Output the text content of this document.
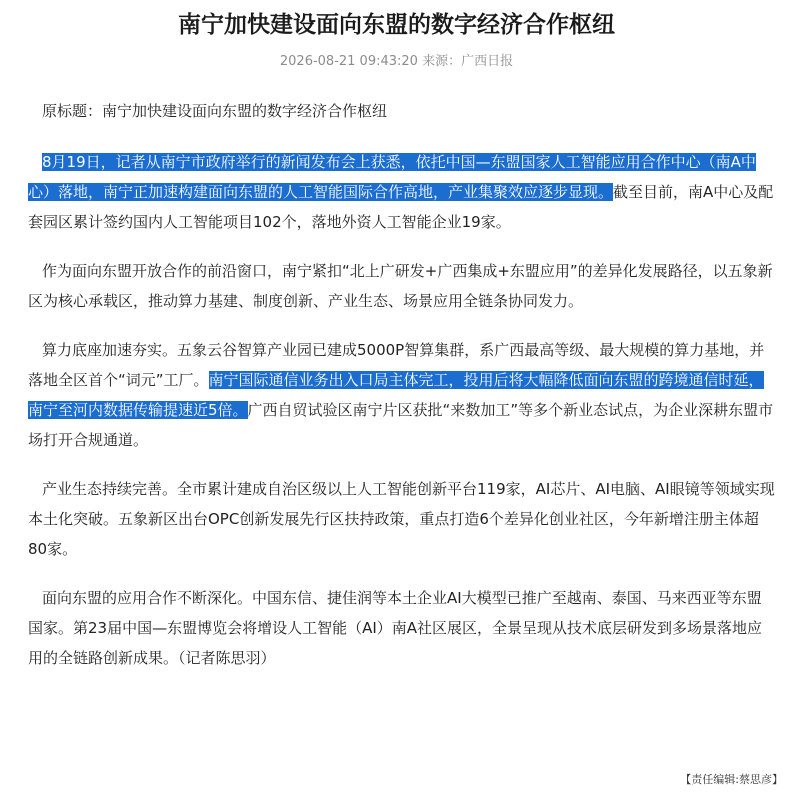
南宁加快建设面向东盟的数字经济合作枢纽
2026-08-21 09:43:20 来源：广西日报

原标题：南宁加快建设面向东盟的数字经济合作枢纽

8月19日，记者从南宁市政府举行的新闻发布会上获悉，依托中国—东盟国家人工智能应用合作中心（南A中心）落地，南宁正加速构建面向东盟的人工智能国际合作高地，产业集聚效应逐步显现。截至目前，南A中心及配套园区累计签约国内人工智能项目102个，落地外资人工智能企业19家。

作为面向东盟开放合作的前沿窗口，南宁紧扣“北上广研发+广西集成+东盟应用”的差异化发展路径，以五象新区为核心承载区，推动算力基建、制度创新、产业生态、场景应用全链条协同发力。

算力底座加速夯实。五象云谷智算产业园已建成5000P智算集群，系广西最高等级、最大规模的算力基地，并落地全区首个“词元”工厂。南宁国际通信业务出入口局主体完工，投用后将大幅降低面向东盟的跨境通信时延，南宁至河内数据传输提速近5倍。广西自贸试验区南宁片区获批“来数加工”等多个新业态试点，为企业深耕东盟市场打开合规通道。

产业生态持续完善。全市累计建成自治区级以上人工智能创新平台119家，AI芯片、AI电脑、AI眼镜等领域实现本土化突破。五象新区出台OPC创新发展先行区扶持政策，重点打造6个差异化创业社区，今年新增注册主体超80家。

面向东盟的应用合作不断深化。中国东信、捷佳润等本土企业AI大模型已推广至越南、泰国、马来西亚等东盟国家。第23届中国—东盟博览会将增设人工智能（AI）南A社区展区，全景呈现从技术底层研发到多场景落地应用的全链路创新成果。（记者陈思羽）

【责任编辑:蔡思彦】
